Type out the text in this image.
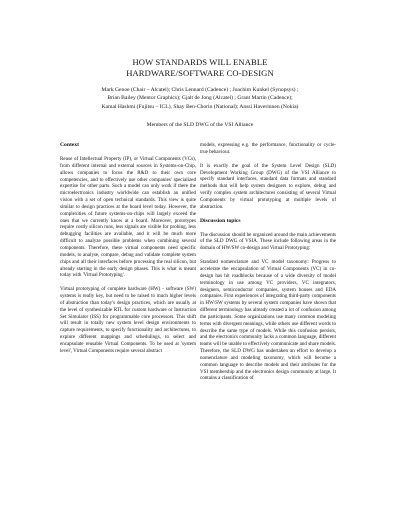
HOW STANDARDS WILL ENABLE
HARDWARE/SOFTWARE CO-DESIGN
Mark Genoe (Chair – Alcatel); Chris Lennard (Cadence) ; Joachim Kunkel (Synopsys) ;
Brian Bailey (Mentor Graphics); Gjalt de Jong (Alcatel) ; Grant Martin (Cadence);
Kamal Hashmi (Fujitsu – ICL), Shay Ben-Chorin (National); Anssi Haverinnen (Nokia)
Members of the SLD DWG of the VSI Alliance
Context

Reuse of Intellectual Property (IP), or Virtual Components (VCs), from different internal and external sources in Systems-on-Chip, allows companies to focus the R&D to their own core competencies, and to effectively use other companies' specialized expertise for other parts. Such a model can only work if there the microelectronics industry worldwide can establish an unified vision with a set of open technical standards. This view is quite similar to design practices at the board level today. However, the complexities of future systems-on-chips will largely exceed the ones that we currently know at a board. Moreover, prototypes require costly silicon runs, less signals are visible for probing, less debugging facilities are available, and it will be much more difficult to analyze possible problems when combining several components. Therefore, these virtual components need specific models, to analyse, compare, debug and validate complete system chips and all their interfaces before processing the real silicon, but already starting in the early design phases. This is what is meant today with 'Virtual Prototyping'.

Virtual prototyping of complete hardware (HW) - software (SW) systems is really key, but need to be raised to much higher levels of abstraction than today's design practices, which are usually at the level of synthesizable RTL for custom hardware or Instruction Set Simulator (ISS) for programmable core processors. This shift will result in totally new system level design environments to capture requirements, to specify functionality and architectures, to explore different mappings and schedulings, to select and encapsulate reusable Virtual Components. To be used at 'system level', Virtual Components require several abstract

models, expressing e.g. the performance, functionality or cycle-true behaviour.

It is exactly the goal of the System Level Design (SLD) Development Working Group (DWG) of the VSI Alliance to specify standard interfaces, standard data formats and standard methods that will help system designers to explore, debug and verify complex system architectures consisting of several Virtual Components by virtual prototyping at multiple levels of abstraction.

Discussion topics

The discussion should be organized around the main achievements of the SLD DWG of VSIA. These include following areas in the domain of HW/SW co-design and Virtual Prototyping:

Standard nomenclature and VC model taxonomy: Progress to accelerate the encapsulation of Virtual Components (VC) in co-design has hit roadblocks because of a wide diversity of model terminology in use among VC providers, VC integrators, designers, semiconductor companies, system houses and EDA companies. First experiences of integrating third-party components in HW/SW systems by several system companies have shown that different terminology has already created a lot of confusion among the participants. Some organizations use many common modeling terms with divergent meanings, while others use different words to describe the same type of models. While this confusion persists, and the electronics community lacks a common language, different teams will be unable to effectively communicate and share models. Therefore, the SLD DWG has undertaken an effort to develop a nomenclature and modeling taxonomy, which will become a common language to describe models and their attributes for the VSI membership and the electronics design community at large. It contains a classification of
